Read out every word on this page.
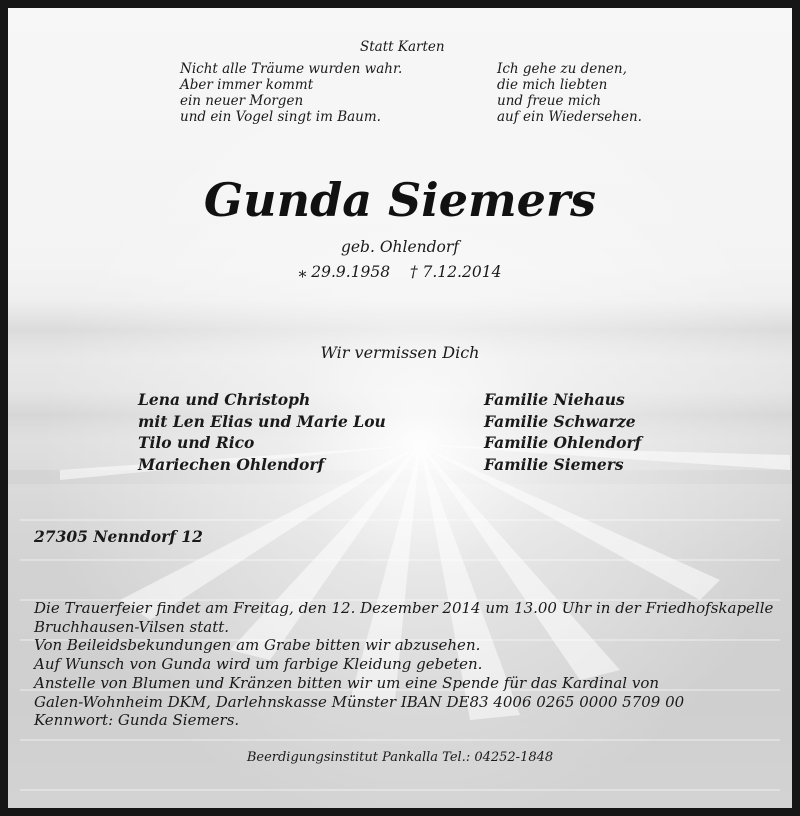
Statt Karten

Nicht alle Träume wurden wahr.

Aber immer kommt

ein neuer Morgen

und ein Vogel singt im Baum.

Ich gehe zu denen,

die mich liebten

und freue mich

auf ein Wiedersehen.

Gunda Siemers
geb. Ohlendorf
⁎ 29.9.1958 † 7.12.2014
Wir vermissen Dich
Lena und Christoph
mit Len Elias und Marie Lou
Tilo und Rico
Mariechen Ohlendorf
Familie Niehaus
Familie Schwarze
Familie Ohlendorf
Familie Siemers
27305 Nenndorf 12
Die Trauerfeier findet am Freitag, den 12. Dezember 2014 um 13.00 Uhr in der Friedhofskapelle
Bruchhausen-Vilsen statt.
Von Beileidsbekundungen am Grabe bitten wir abzusehen.
Auf Wunsch von Gunda wird um farbige Kleidung gebeten.
Anstelle von Blumen und Kränzen bitten wir um eine Spende für das Kardinal von
Galen-Wohnheim DKM, Darlehnskasse Münster IBAN DE83 4006 0265 0000 5709 00
Kennwort: Gunda Siemers.
Beerdigungsinstitut Pankalla Tel.: 04252-1848
